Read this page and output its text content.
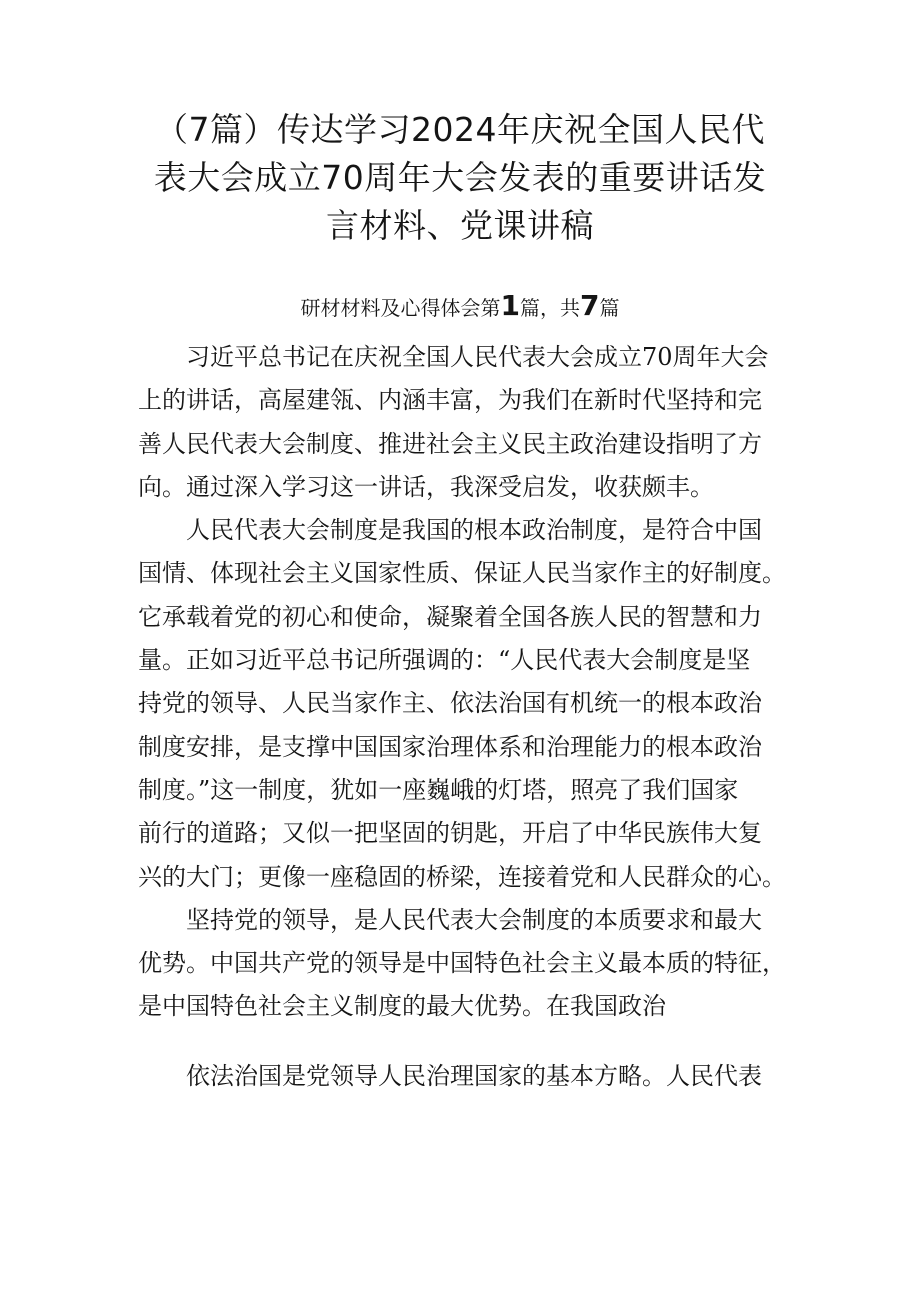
（7篇）传达学习2024年庆祝全国人民代
表大会成立70周年大会发表的重要讲话发
言材料、党课讲稿
研材材料及心得体会第1篇，共7篇

习近平总书记在庆祝全国人民代表大会成立70周年大会
上的讲话，高屋建瓴、内涵丰富，为我们在新时代坚持和完
善人民代表大会制度、推进社会主义民主政治建设指明了方
向。通过深入学习这一讲话，我深受启发，收获颇丰。

人民代表大会制度是我国的根本政治制度，是符合中国
国情、体现社会主义国家性质、保证人民当家作主的好制度。
它承载着党的初心和使命，凝聚着全国各族人民的智慧和力
量。正如习近平总书记所强调的：“人民代表大会制度是坚
持党的领导、人民当家作主、依法治国有机统一的根本政治
制度安排，是支撑中国国家治理体系和治理能力的根本政治
制度。”这一制度，犹如一座巍峨的灯塔，照亮了我们国家
前行的道路；又似一把坚固的钥匙，开启了中华民族伟大复
兴的大门；更像一座稳固的桥梁，连接着党和人民群众的心。

坚持党的领导，是人民代表大会制度的本质要求和最大
优势。中国共产党的领导是中国特色社会主义最本质的特征，
是中国特色社会主义制度的最大优势。在我国政治

依法治国是党领导人民治理国家的基本方略。人民代表
